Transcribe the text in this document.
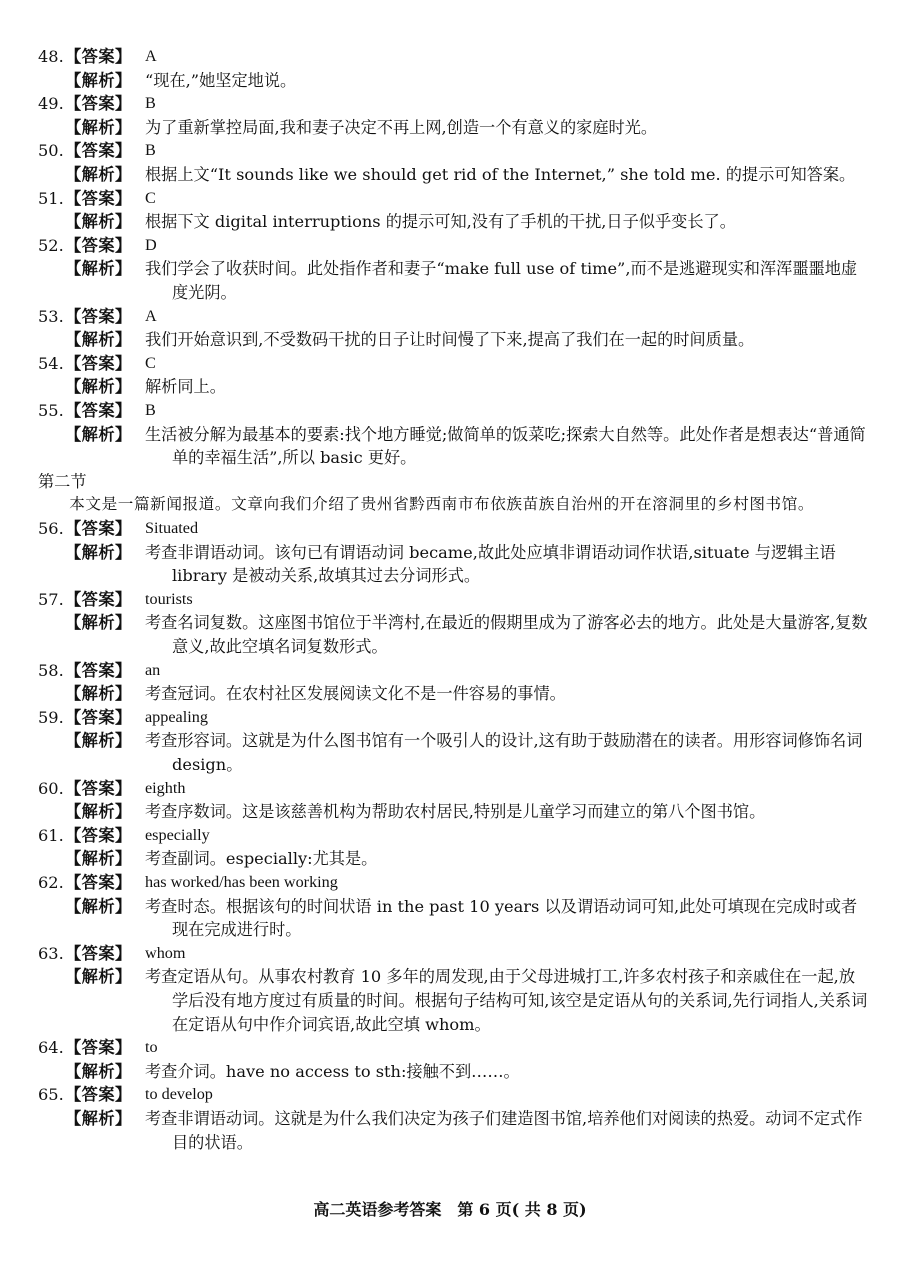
48. 【答案】 A
【解析】 “现在,”她坚定地说。
49. 【答案】 B
【解析】 为了重新掌控局面,我和妻子决定不再上网,创造一个有意义的家庭时光。
50. 【答案】 B
【解析】 根据上文“It sounds like we should get rid of the Internet,” she told me. 的提示可知答案。
51. 【答案】 C
【解析】 根据下文 digital interruptions 的提示可知,没有了手机的干扰,日子似乎变长了。
52. 【答案】 D
【解析】 我们学会了收获时间。此处指作者和妻子“make full use of time”,而不是逃避现实和浑浑噩噩地虚度光阴。
53. 【答案】 A
【解析】 我们开始意识到,不受数码干扰的日子让时间慢了下来,提高了我们在一起的时间质量。
54. 【答案】 C
【解析】 解析同上。
55. 【答案】 B
【解析】 生活被分解为最基本的要素:找个地方睡觉;做简单的饭菜吃;探索大自然等。此处作者是想表达“普通简单的幸福生活”,所以 basic 更好。
第二节
本文是一篇新闻报道。文章向我们介绍了贵州省黔西南市布依族苗族自治州的开在溶洞里的乡村图书馆。
56. 【答案】 Situated
【解析】 考查非谓语动词。该句已有谓语动词 became,故此处应填非谓语动词作状语,situate 与逻辑主语 library 是被动关系,故填其过去分词形式。
57. 【答案】 tourists
【解析】 考查名词复数。这座图书馆位于半湾村,在最近的假期里成为了游客必去的地方。此处是大量游客,复数意义,故此空填名词复数形式。
58. 【答案】 an
【解析】 考查冠词。在农村社区发展阅读文化不是一件容易的事情。
59. 【答案】 appealing
【解析】 考查形容词。这就是为什么图书馆有一个吸引人的设计,这有助于鼓励潜在的读者。用形容词修饰名词 design。
60. 【答案】 eighth
【解析】 考查序数词。这是该慈善机构为帮助农村居民,特别是儿童学习而建立的第八个图书馆。
61. 【答案】 especially
【解析】 考查副词。especially:尤其是。
62. 【答案】 has worked/has been working
【解析】 考查时态。根据该句的时间状语 in the past 10 years 以及谓语动词可知,此处可填现在完成时或者现在完成进行时。
63. 【答案】 whom
【解析】 考查定语从句。从事农村教育 10 多年的周发现,由于父母进城打工,许多农村孩子和亲戚住在一起,放学后没有地方度过有质量的时间。根据句子结构可知,该空是定语从句的关系词,先行词指人,关系词在定语从句中作介词宾语,故此空填 whom。
64. 【答案】 to
【解析】 考查介词。have no access to sth:接触不到……。
65. 【答案】 to develop
【解析】 考查非谓语动词。这就是为什么我们决定为孩子们建造图书馆,培养他们对阅读的热爱。动词不定式作目的状语。
高二英语参考答案　第 6 页( 共 8 页)
